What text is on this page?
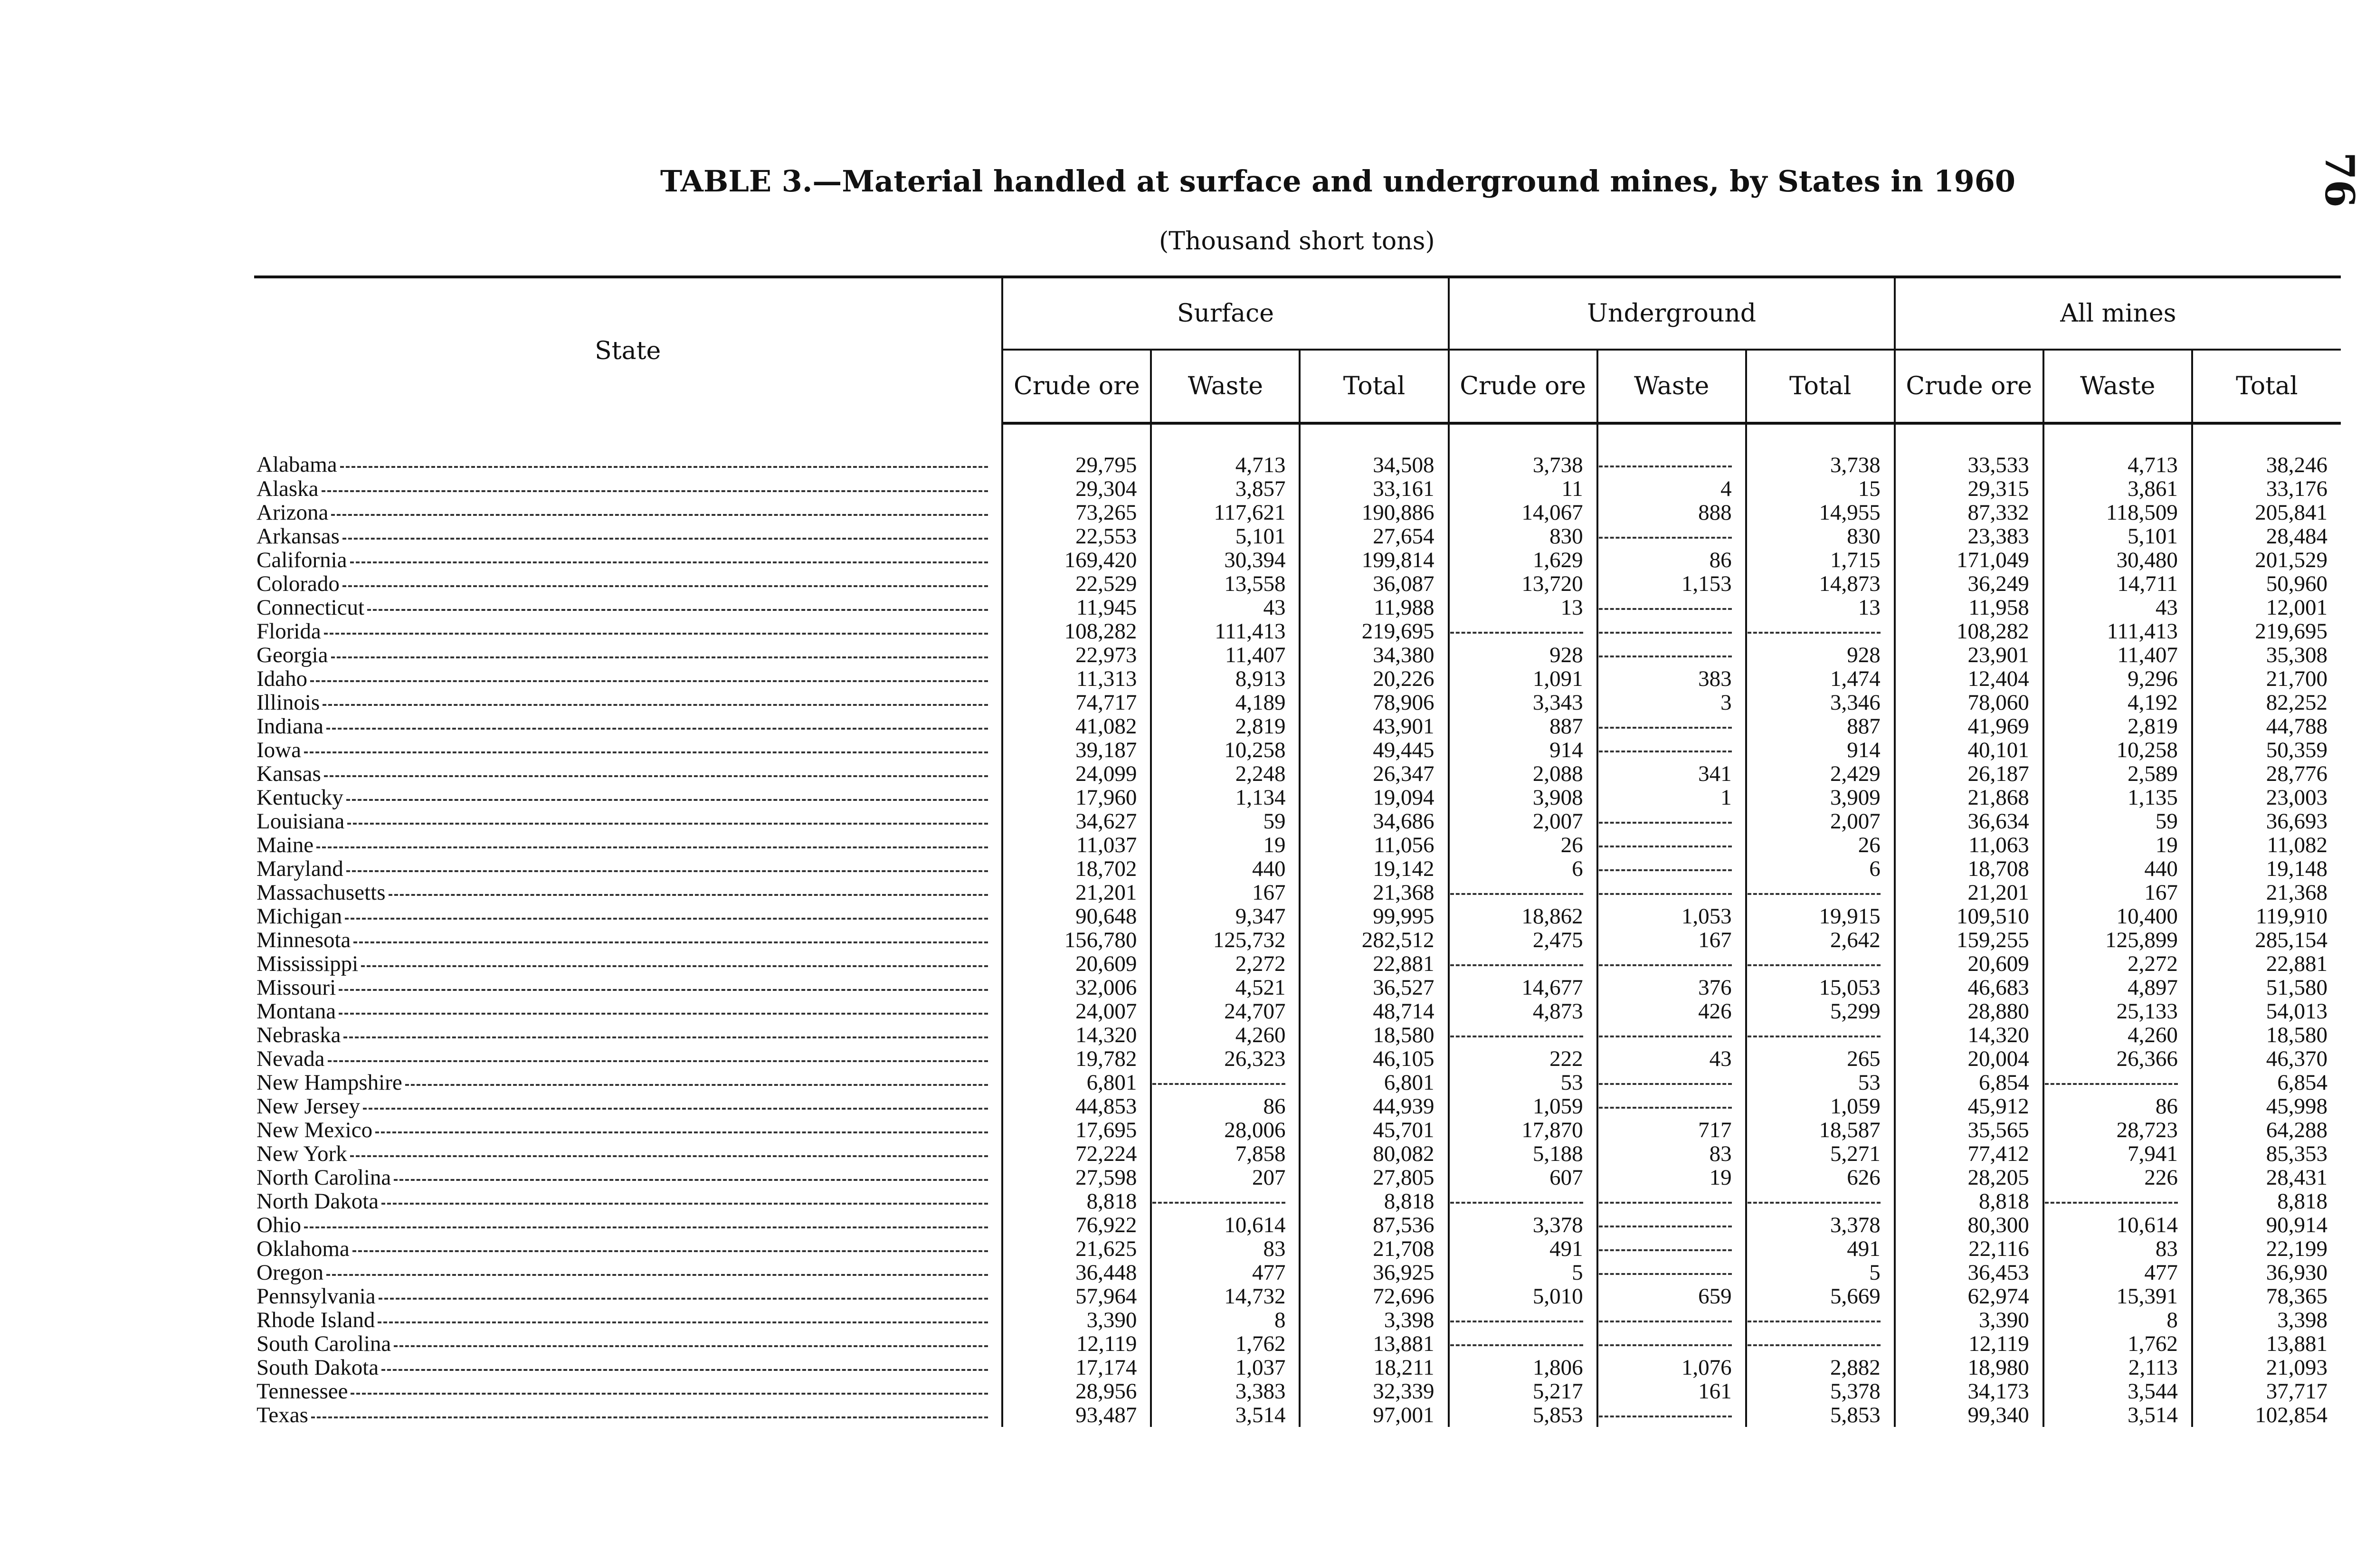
76
TABLE 3.—Material handled at surface and underground mines, by States in 1960
(Thousand short tons)
State	Surface			Underground			All mines		
	Crude ore	Waste	Total	Crude ore	Waste	Total	Crude ore	Waste	Total

Alabama	29,795	4,713	34,508	3,738		3,738	33,533	4,713	38,246

Alaska	29,304	3,857	33,161	11	4	15	29,315	3,861	33,176

Arizona	73,265	117,621	190,886	14,067	888	14,955	87,332	118,509	205,841

Arkansas	22,553	5,101	27,654	830		830	23,383	5,101	28,484

California	169,420	30,394	199,814	1,629	86	1,715	171,049	30,480	201,529

Colorado	22,529	13,558	36,087	13,720	1,153	14,873	36,249	14,711	50,960

Connecticut	11,945	43	11,988	13		13	11,958	43	12,001

Florida	108,282	111,413	219,695				108,282	111,413	219,695

Georgia	22,973	11,407	34,380	928		928	23,901	11,407	35,308

Idaho	11,313	8,913	20,226	1,091	383	1,474	12,404	9,296	21,700

Illinois	74,717	4,189	78,906	3,343	3	3,346	78,060	4,192	82,252

Indiana	41,082	2,819	43,901	887		887	41,969	2,819	44,788

Iowa	39,187	10,258	49,445	914		914	40,101	10,258	50,359

Kansas	24,099	2,248	26,347	2,088	341	2,429	26,187	2,589	28,776

Kentucky	17,960	1,134	19,094	3,908	1	3,909	21,868	1,135	23,003

Louisiana	34,627	59	34,686	2,007		2,007	36,634	59	36,693

Maine	11,037	19	11,056	26		26	11,063	19	11,082

Maryland	18,702	440	19,142	6		6	18,708	440	19,148

Massachusetts	21,201	167	21,368				21,201	167	21,368

Michigan	90,648	9,347	99,995	18,862	1,053	19,915	109,510	10,400	119,910

Minnesota	156,780	125,732	282,512	2,475	167	2,642	159,255	125,899	285,154

Mississippi	20,609	2,272	22,881				20,609	2,272	22,881

Missouri	32,006	4,521	36,527	14,677	376	15,053	46,683	4,897	51,580

Montana	24,007	24,707	48,714	4,873	426	5,299	28,880	25,133	54,013

Nebraska	14,320	4,260	18,580				14,320	4,260	18,580

Nevada	19,782	26,323	46,105	222	43	265	20,004	26,366	46,370

New Hampshire	6,801		6,801	53		53	6,854		6,854

New Jersey	44,853	86	44,939	1,059		1,059	45,912	86	45,998

New Mexico	17,695	28,006	45,701	17,870	717	18,587	35,565	28,723	64,288

New York	72,224	7,858	80,082	5,188	83	5,271	77,412	7,941	85,353

North Carolina	27,598	207	27,805	607	19	626	28,205	226	28,431

North Dakota	8,818		8,818				8,818		8,818

Ohio	76,922	10,614	87,536	3,378		3,378	80,300	10,614	90,914

Oklahoma	21,625	83	21,708	491		491	22,116	83	22,199

Oregon	36,448	477	36,925	5		5	36,453	477	36,930

Pennsylvania	57,964	14,732	72,696	5,010	659	5,669	62,974	15,391	78,365

Rhode Island	3,390	8	3,398				3,390	8	3,398

South Carolina	12,119	1,762	13,881				12,119	1,762	13,881

South Dakota	17,174	1,037	18,211	1,806	1,076	2,882	18,980	2,113	21,093

Tennessee	28,956	3,383	32,339	5,217	161	5,378	34,173	3,544	37,717

Texas	93,487	3,514	97,001	5,853		5,853	99,340	3,514	102,854
